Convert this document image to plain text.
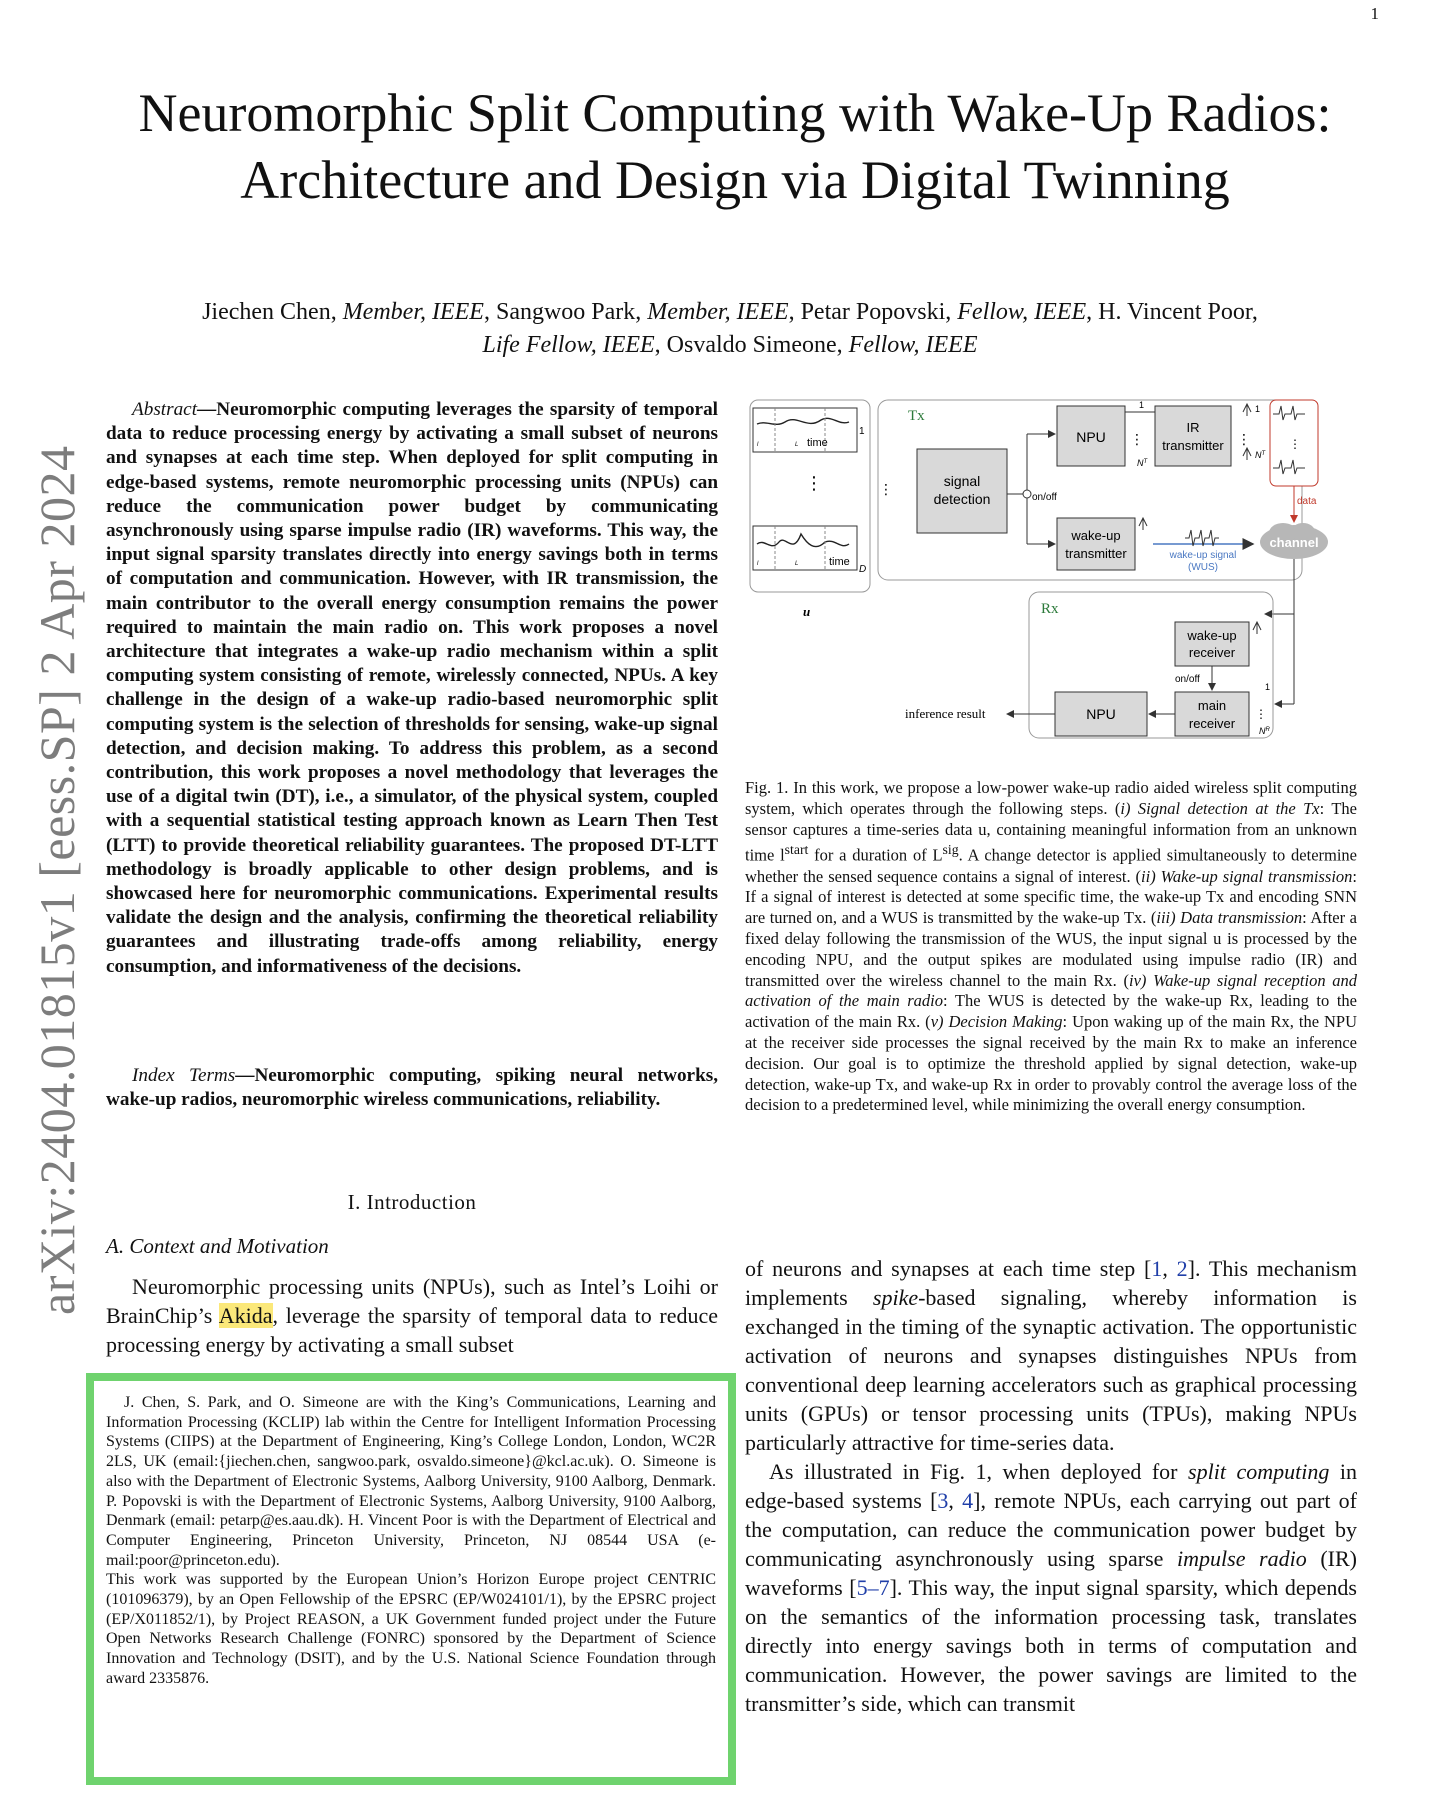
1
Neuromorphic Split Computing with Wake-Up Radios: Architecture and Design via Digital Twinning
Jiechen Chen, Member, IEEE, Sangwoo Park, Member, IEEE, Petar Popovski, Fellow, IEEE, H. Vincent Poor,
Life Fellow, IEEE, Osvaldo Simeone, Fellow, IEEE
arXiv:2404.01815v1 [eess.SP] 2 Apr 2024
Abstract—Neuromorphic computing leverages the sparsity of temporal data to reduce processing energy by activating a small subset of neurons and synapses at each time step. When deployed for split computing in edge-based systems, remote neuromorphic processing units (NPUs) can reduce the communication power budget by communicating asynchronously using sparse impulse radio (IR) waveforms. This way, the input signal sparsity translates directly into energy savings both in terms of computation and communication. However, with IR transmission, the main contributor to the overall energy consumption remains the power required to maintain the main radio on. This work proposes a novel architecture that integrates a wake-up radio mechanism within a split computing system consisting of remote, wirelessly connected, NPUs. A key challenge in the design of a wake-up radio-based neuromorphic split computing system is the selection of thresholds for sensing, wake-up signal detection, and decision making. To address this problem, as a second contribution, this work proposes a novel methodology that leverages the use of a digital twin (DT), i.e., a simulator, of the physical system, coupled with a sequential statistical testing approach known as Learn Then Test (LTT) to provide theoretical reliability guarantees. The proposed DT-LTT methodology is broadly applicable to other design problems, and is showcased here for neuromorphic communications. Experimental results validate the design and the analysis, confirming the theoretical reliability guarantees and illustrating trade-offs among reliability, energy consumption, and informativeness of the decisions.
Index Terms—Neuromorphic computing, spiking neural networks, wake-up radios, neuromorphic wireless communications, reliability.
I. Introduction
A. Context and Motivation
Neuromorphic processing units (NPUs), such as Intel’s Loihi or BrainChip’s Akida, leverage the sparsity of temporal data to reduce processing energy by activating a small subset

J. Chen, S. Park, and O. Simeone are with the King’s Communications, Learning and Information Processing (KCLIP) lab within the Centre for Intelligent Information Processing Systems (CIIPS) at the Department of Engineering, King’s College London, London, WC2R 2LS, UK (email:{jiechen.chen, sangwoo.park, osvaldo.simeone}@kcl.ac.uk). O. Simeone is also with the Department of Electronic Systems, Aalborg University, 9100 Aalborg, Denmark. P. Popovski is with the Department of Electronic Systems, Aalborg University, 9100 Aalborg, Denmark (email: petarp@es.aau.dk). H. Vincent Poor is with the Department of Electrical and Computer Engineering, Princeton University, Princeton, NJ 08544 USA (e-mail:poor@princeton.edu).

This work was supported by the European Union’s Horizon Europe project CENTRIC (101096379), by an Open Fellowship of the EPSRC (EP/W024101/1), by the EPSRC project (EP/X011852/1), by Project REASON, a UK Government funded project under the Future Open Networks Research Challenge (FONRC) sponsored by the Department of Science Innovation and Technology (DSIT), and by the U.S. National Science Foundation through award 2335876.

time
1
l	L
⋮
time
l	L	D
u
Tx
⋮	signal
detection	on/off
NPU ⋮
$N^T$
1
IR
transmitter ⋮
1
$N^T$
wake-up
transmitter	wake-up signal
(WUS)
⋮
data
channel
Rx
wake-up
receiver
on/off
main
receiver
⋮
1
$N^R$
NPU
inference result
Fig. 1. In this work, we propose a low-power wake-up radio aided wireless split computing system, which operates through the following steps. (i) Signal detection at the Tx: The sensor captures a time-series data u, containing meaningful information from an unknown time $l^{start}$ for a duration of $L^{sig}$. A change detector is applied simultaneously to determine whether the sensed sequence contains a signal of interest. (ii) Wake-up signal transmission: If a signal of interest is detected at some specific time, the wake-up Tx and encoding SNN are turned on, and a WUS is transmitted by the wake-up Tx. (iii) Data transmission: After a fixed delay following the transmission of the WUS, the input signal u is processed by the encoding NPU, and the output spikes are modulated using impulse radio (IR) and transmitted over the wireless channel to the main Rx. (iv) Wake-up signal reception and activation of the main radio: The WUS is detected by the wake-up Rx, leading to the activation of the main Rx. (v) Decision Making: Upon waking up of the main Rx, the NPU at the receiver side processes the signal received by the main Rx to make an inference decision. Our goal is to optimize the threshold applied by signal detection, wake-up detection, wake-up Tx, and wake-up Rx in order to provably control the average loss of the decision to a predetermined level, while minimizing the overall energy consumption.

of neurons and synapses at each time step [1, 2]. This mechanism implements spike-based signaling, whereby information is exchanged in the timing of the synaptic activation. The opportunistic activation of neurons and synapses distinguishes NPUs from conventional deep learning accelerators such as graphical processing units (GPUs) or tensor processing units (TPUs), making NPUs particularly attractive for time-series data.

As illustrated in Fig. 1, when deployed for split computing in edge-based systems [3, 4], remote NPUs, each carrying out part of the computation, can reduce the communication power budget by communicating asynchronously using sparse impulse radio (IR) waveforms [5–7]. This way, the input signal sparsity, which depends on the semantics of the information processing task, translates directly into energy savings both in terms of computation and communication. However, the power savings are limited to the transmitter’s side, which can transmit
